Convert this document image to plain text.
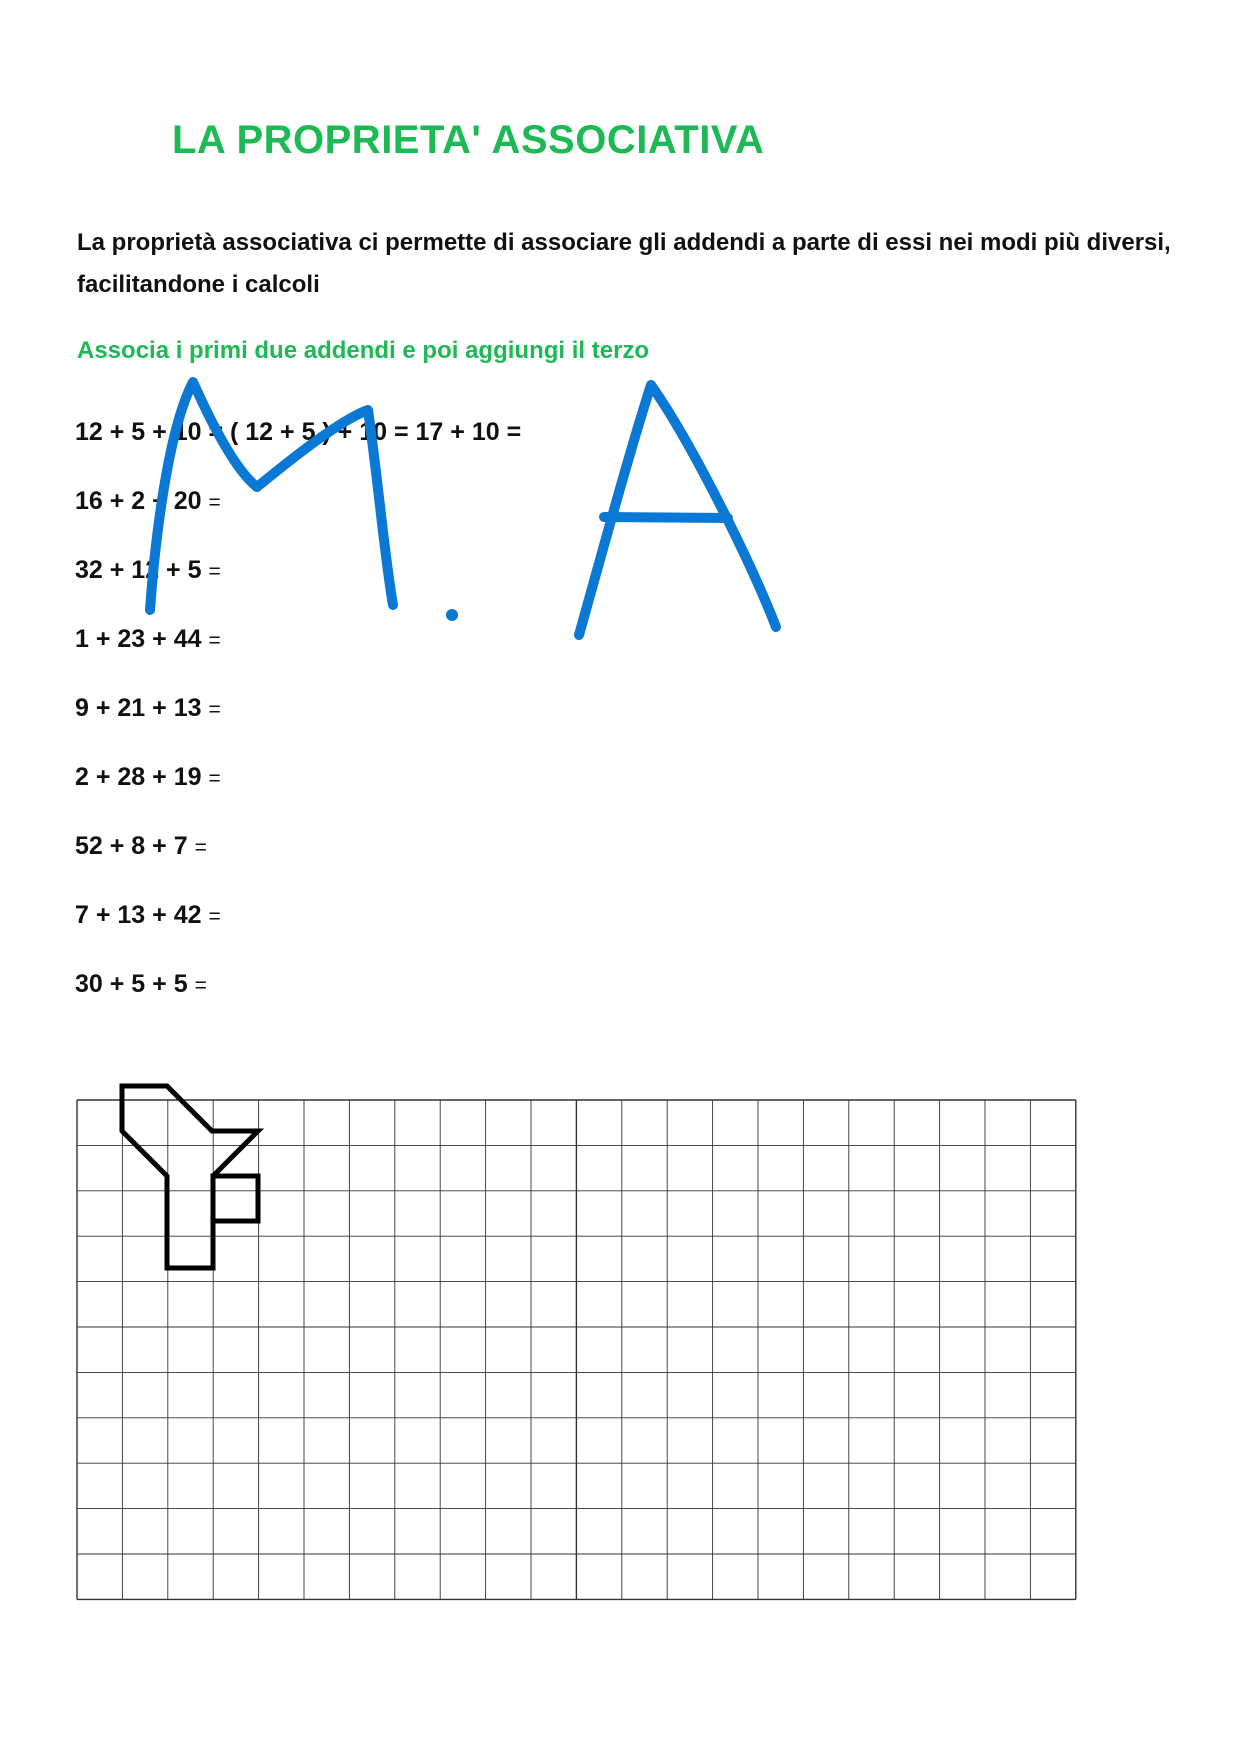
LA PROPRIETA' ASSOCIATIVA
La proprietà associativa ci permette di associare gli addendi a parte di essi nei modi più diversi, facilitandone i calcoli
Associa i primi due addendi e poi aggiungi il terzo
12 + 5 + 10 = ( 12 + 5 ) + 10 = 17 + 10 =
16 + 2 + 20 =
32 + 12 + 5 =
1 + 23 + 44 =
9 + 21 + 13 =
2 + 28 + 19 =
52 + 8 + 7 =
7 + 13 + 42 =
30 + 5 + 5 =
